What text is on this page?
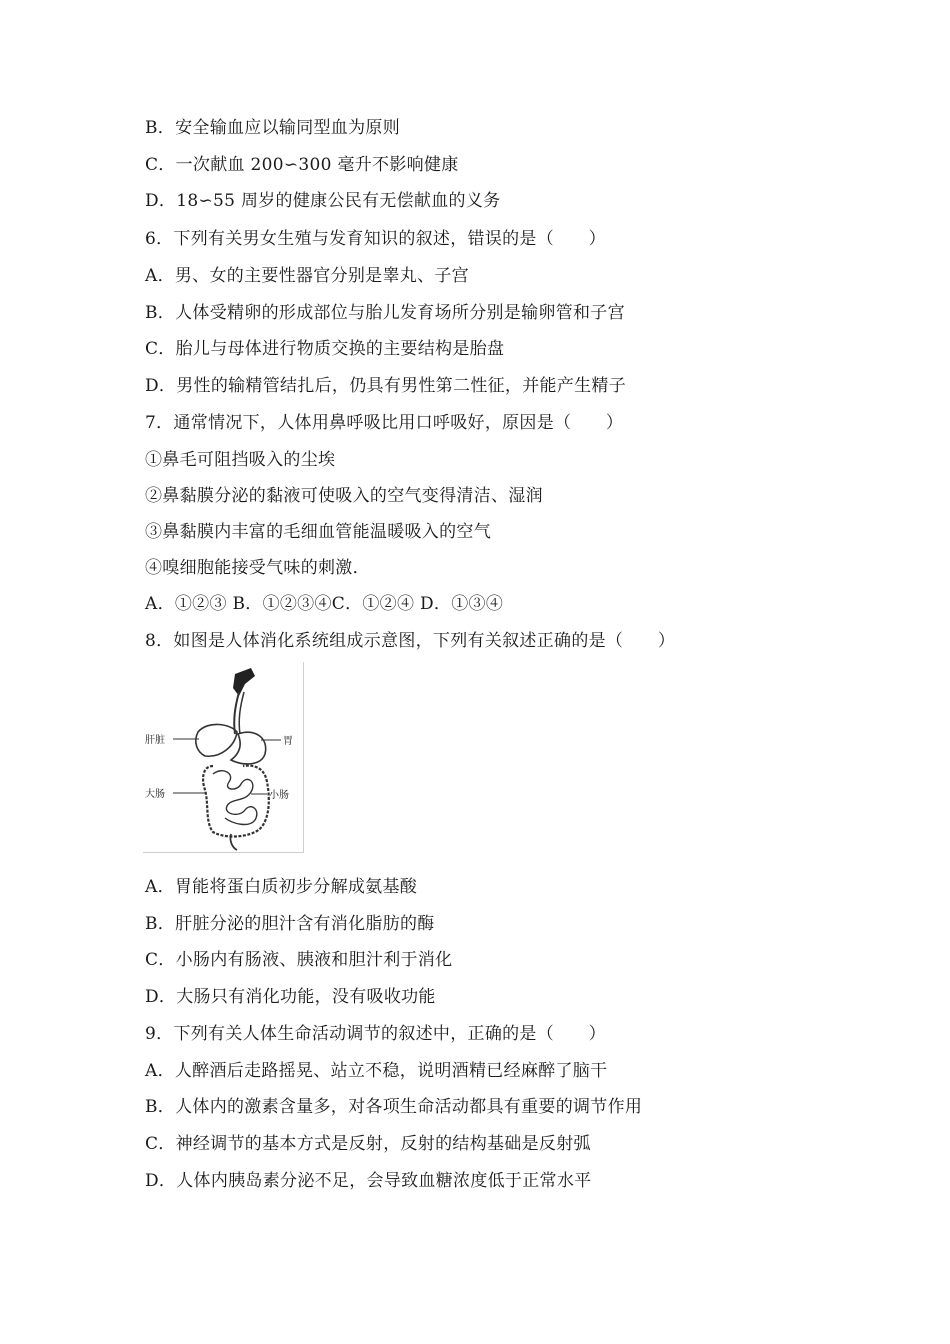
B．安全输血应以输同型血为原则
C．一次献血 200∽300 毫升不影响健康
D．18∽55 周岁的健康公民有无偿献血的义务
6．下列有关男女生殖与发育知识的叙述，错误的是（　　）
A．男、女的主要性器官分别是睾丸、子宫
B．人体受精卵的形成部位与胎儿发育场所分别是输卵管和子宫
C．胎儿与母体进行物质交换的主要结构是胎盘
D．男性的输精管结扎后，仍具有男性第二性征，并能产生精子
7．通常情况下，人体用鼻呼吸比用口呼吸好，原因是（　　）
①鼻毛可阻挡吸入的尘埃
②鼻黏膜分泌的黏液可使吸入的空气变得清洁、湿润
③鼻黏膜内丰富的毛细血管能温暖吸入的空气
④嗅细胞能接受气味的刺激．
A．①②③ B．①②③④C．①②④ D．①③④
8．如图是人体消化系统组成示意图，下列有关叙述正确的是（　　）
肝脏	胃
大肠	小肠
A．胃能将蛋白质初步分解成氨基酸
B．肝脏分泌的胆汁含有消化脂肪的酶
C．小肠内有肠液、胰液和胆汁利于消化
D．大肠只有消化功能，没有吸收功能
9．下列有关人体生命活动调节的叙述中，正确的是（　　）
A．人醉酒后走路摇晃、站立不稳，说明酒精已经麻醉了脑干
B．人体内的激素含量多，对各项生命活动都具有重要的调节作用
C．神经调节的基本方式是反射，反射的结构基础是反射弧
D．人体内胰岛素分泌不足，会导致血糖浓度低于正常水平
